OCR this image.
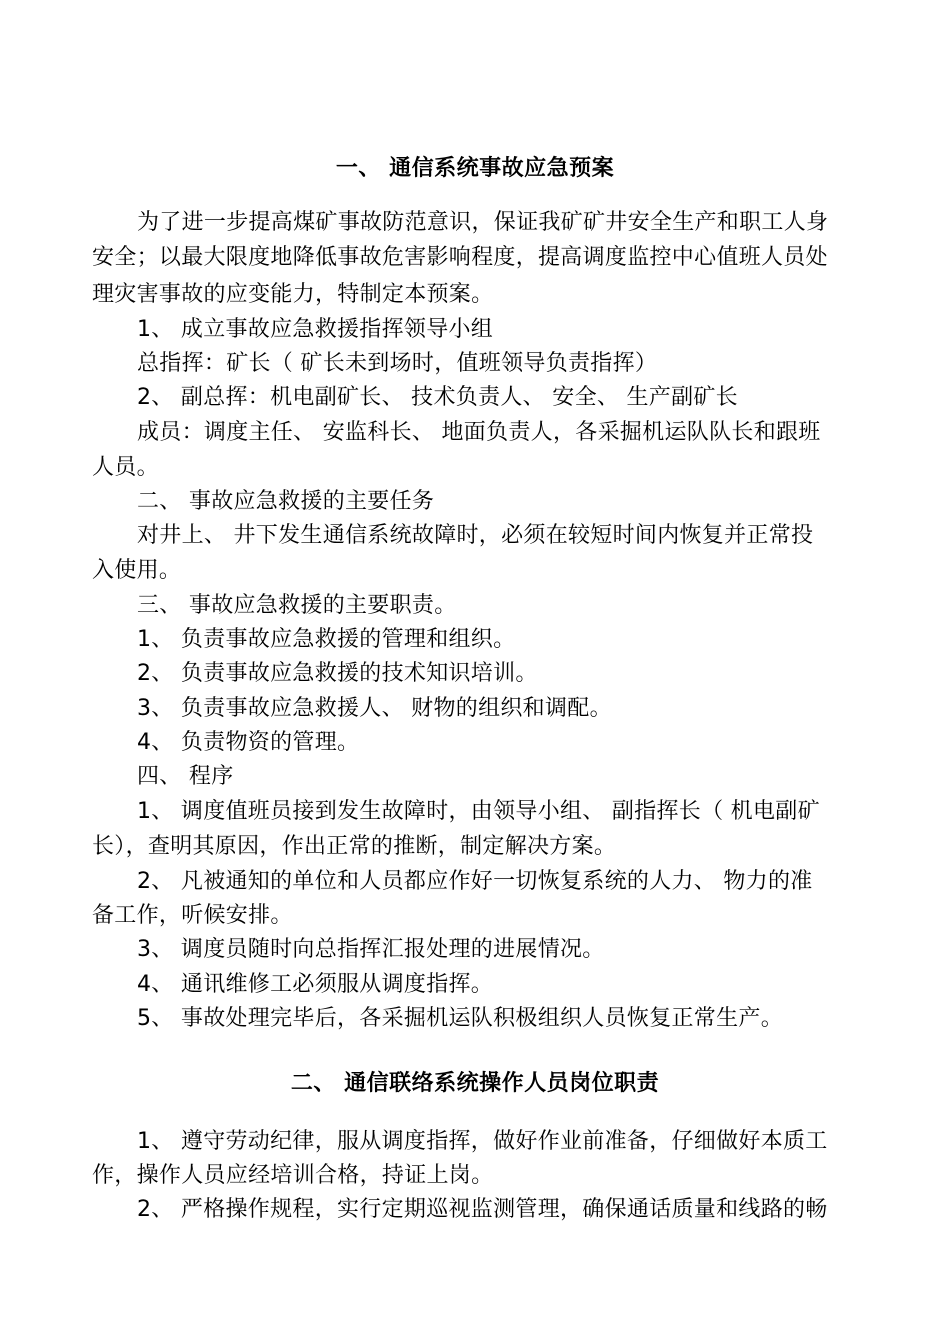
一、 通信系统事故应急预案
为了进一步提高煤矿事故防范意识，保证我矿矿井安全生产和职工人身
安全；以最大限度地降低事故危害影响程度，提高调度监控中心值班人员处
理灾害事故的应变能力，特制定本预案。
1、 成立事故应急救援指挥领导小组
总指挥：矿长（ 矿长未到场时，值班领导负责指挥）
2、 副总挥：机电副矿长、 技术负责人、 安全、 生产副矿长
成员：调度主任、 安监科长、 地面负责人，各采掘机运队队长和跟班
人员。
二、 事故应急救援的主要任务
对井上、 井下发生通信系统故障时，必须在较短时间内恢复并正常投
入使用。
三、 事故应急救援的主要职责。
1、 负责事故应急救援的管理和组织。
2、 负责事故应急救援的技术知识培训。
3、 负责事故应急救援人、 财物的组织和调配。
4、 负责物资的管理。
四、 程序
1、 调度值班员接到发生故障时，由领导小组、 副指挥长（ 机电副矿
长），查明其原因，作出正常的推断，制定解决方案。
2、 凡被通知的单位和人员都应作好一切恢复系统的人力、 物力的准
备工作，听候安排。
3、 调度员随时向总指挥汇报处理的进展情况。
4、 通讯维修工必须服从调度指挥。
5、 事故处理完毕后，各采掘机运队积极组织人员恢复正常生产。
二、 通信联络系统操作人员岗位职责
1、 遵守劳动纪律，服从调度指挥，做好作业前准备，仔细做好本质工
作，操作人员应经培训合格，持证上岗。
2、 严格操作规程，实行定期巡视监测管理，确保通话质量和线路的畅
